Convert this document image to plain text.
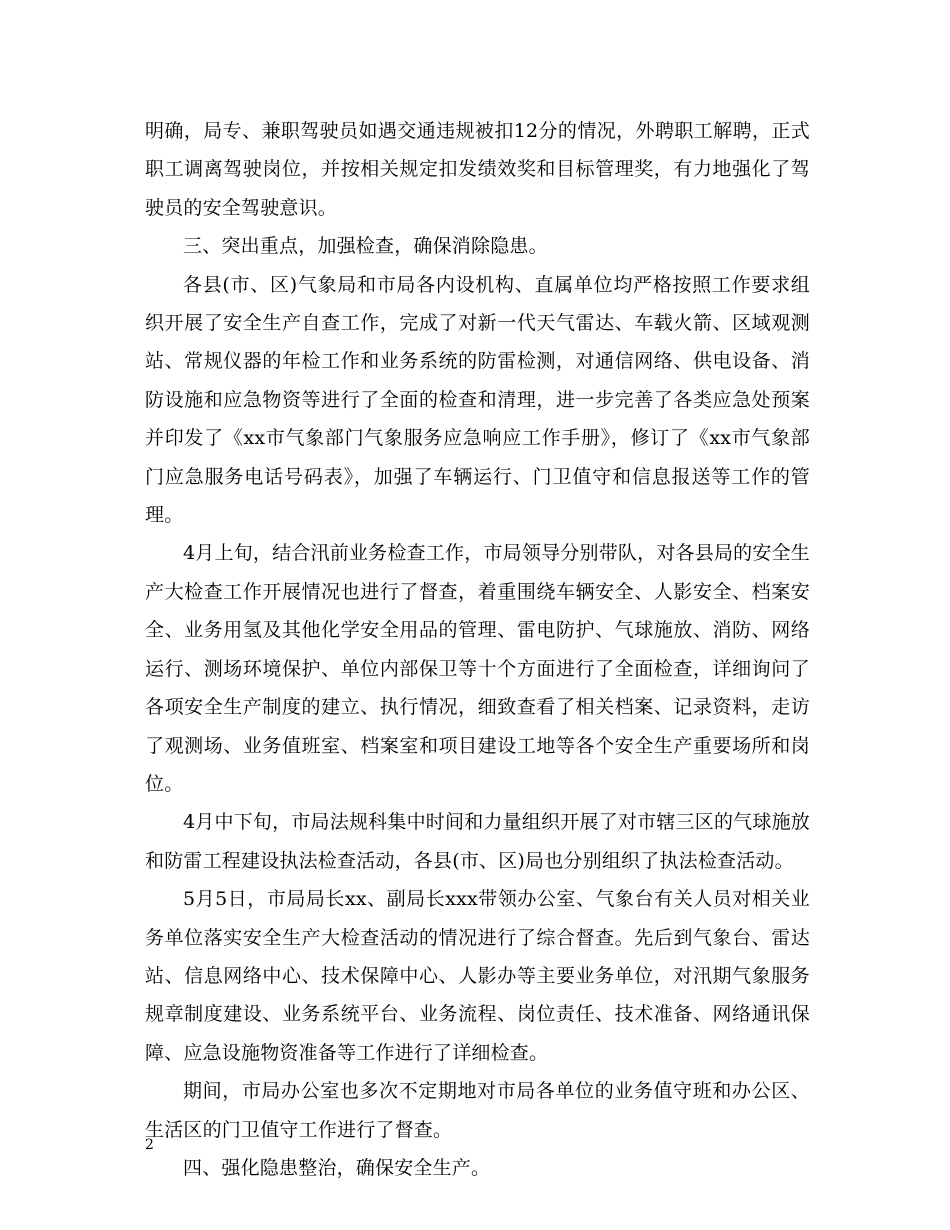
明确，局专、兼职驾驶员如遇交通违规被扣12分的情况，外聘职工解聘，正式职工调离驾驶岗位，并按相关规定扣发绩效奖和目标管理奖，有力地强化了驾驶员的安全驾驶意识。

三、突出重点，加强检查，确保消除隐患。

各县(市、区)气象局和市局各内设机构、直属单位均严格按照工作要求组织开展了安全生产自查工作，完成了对新一代天气雷达、车载火箭、区域观测站、常规仪器的年检工作和业务系统的防雷检测，对通信网络、供电设备、消防设施和应急物资等进行了全面的检查和清理，进一步完善了各类应急处预案并印发了《xx市气象部门气象服务应急响应工作手册》，修订了《xx市气象部门应急服务电话号码表》，加强了车辆运行、门卫值守和信息报送等工作的管理。

4月上旬，结合汛前业务检查工作，市局领导分别带队，对各县局的安全生产大检查工作开展情况也进行了督查，着重围绕车辆安全、人影安全、档案安全、业务用氢及其他化学安全用品的管理、雷电防护、气球施放、消防、网络运行、测场环境保护、单位内部保卫等十个方面进行了全面检查，详细询问了各项安全生产制度的建立、执行情况，细致查看了相关档案、记录资料，走访了观测场、业务值班室、档案室和项目建设工地等各个安全生产重要场所和岗位。

4月中下旬，市局法规科集中时间和力量组织开展了对市辖三区的气球施放和防雷工程建设执法检查活动，各县(市、区)局也分别组织了执法检查活动。

5月5日，市局局长xx、副局长xxx带领办公室、气象台有关人员对相关业务单位落实安全生产大检查活动的情况进行了综合督查。先后到气象台、雷达站、信息网络中心、技术保障中心、人影办等主要业务单位，对汛期气象服务规章制度建设、业务系统平台、业务流程、岗位责任、技术准备、网络通讯保障、应急设施物资准备等工作进行了详细检查。

期间，市局办公室也多次不定期地对市局各单位的业务值守班和办公区、生活区的门卫值守工作进行了督查。

四、强化隐患整治，确保安全生产。

2
